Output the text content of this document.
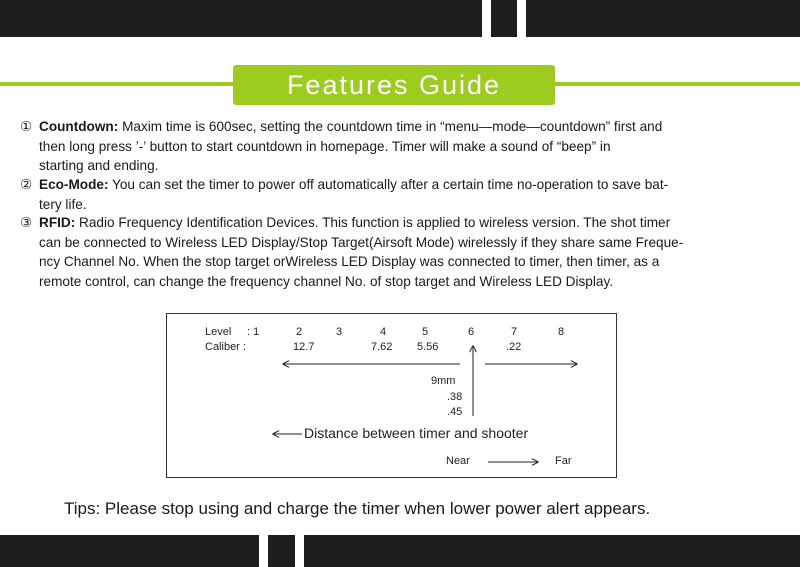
Features Guide
① Countdown: Maxim time is 600sec, setting the countdown time in “menu—mode—countdown” first and
then long press ’-’ button to start countdown in homepage. Timer will make a sound of “beep” in
starting and ending.
② Eco-Mode: You can set the timer to power off automatically after a certain time no-operation to save bat-
tery life.
③ RFID: Radio Frequency Identification Devices. This function is applied to wireless version. The shot timer
can be connected to Wireless LED Display/Stop Target(Airsoft Mode) wirelessly if they share same Freque-
ncy Channel No. When the stop target orWireless LED Display was connected to timer, then timer, as a
remote control, can change the frequency channel No. of stop target and Wireless LED Display.
Level : 1	2	3	4	5	6	7	8
Caliber :	12.7	7.62 5.56	.22
9mm
.38
.45
Distance between timer and shooter
Near	Far
Tips: Please stop using and charge the timer when lower power alert appears.
